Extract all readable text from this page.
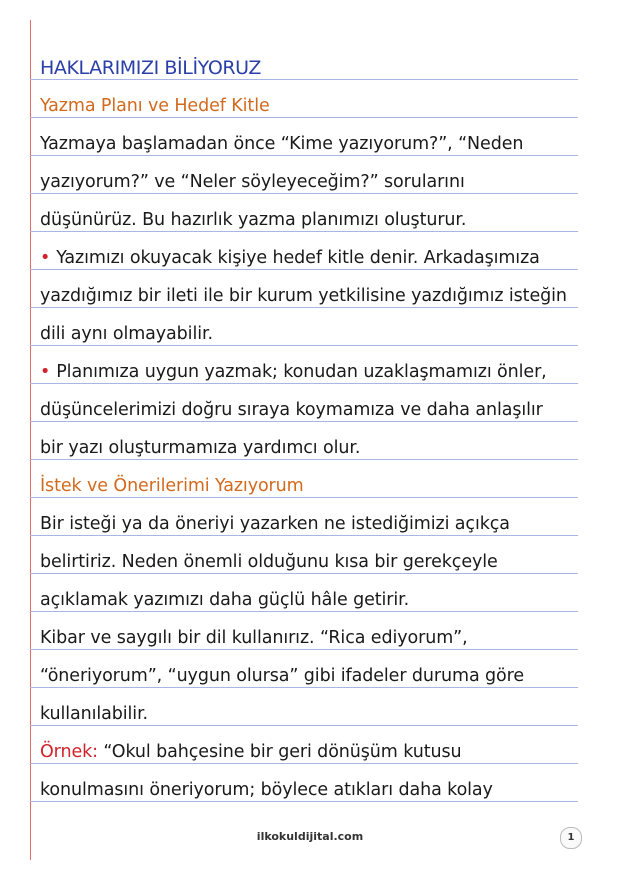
HAKLARIMIZI BİLİYORUZ
Yazma Planı ve Hedef Kitle
Yazmaya başlamadan önce “Kime yazıyorum?”, “Neden
yazıyorum?” ve “Neler söyleyeceğim?” sorularını
düşünürüz. Bu hazırlık yazma planımızı oluşturur.
• Yazımızı okuyacak kişiye hedef kitle denir. Arkadaşımıza
yazdığımız bir ileti ile bir kurum yetkilisine yazdığımız isteğin
dili aynı olmayabilir.
• Planımıza uygun yazmak; konudan uzaklaşmamızı önler,
düşüncelerimizi doğru sıraya koymamıza ve daha anlaşılır
bir yazı oluşturmamıza yardımcı olur.
İstek ve Önerilerimi Yazıyorum
Bir isteği ya da öneriyi yazarken ne istediğimizi açıkça
belirtiriz. Neden önemli olduğunu kısa bir gerekçeyle
açıklamak yazımızı daha güçlü hâle getirir.
Kibar ve saygılı bir dil kullanırız. “Rica ediyorum”,
“öneriyorum”, “uygun olursa” gibi ifadeler duruma göre
kullanılabilir.
Örnek: “Okul bahçesine bir geri dönüşüm kutusu
konulmasını öneriyorum; böylece atıkları daha kolay
ilkokuldijital.com	1
